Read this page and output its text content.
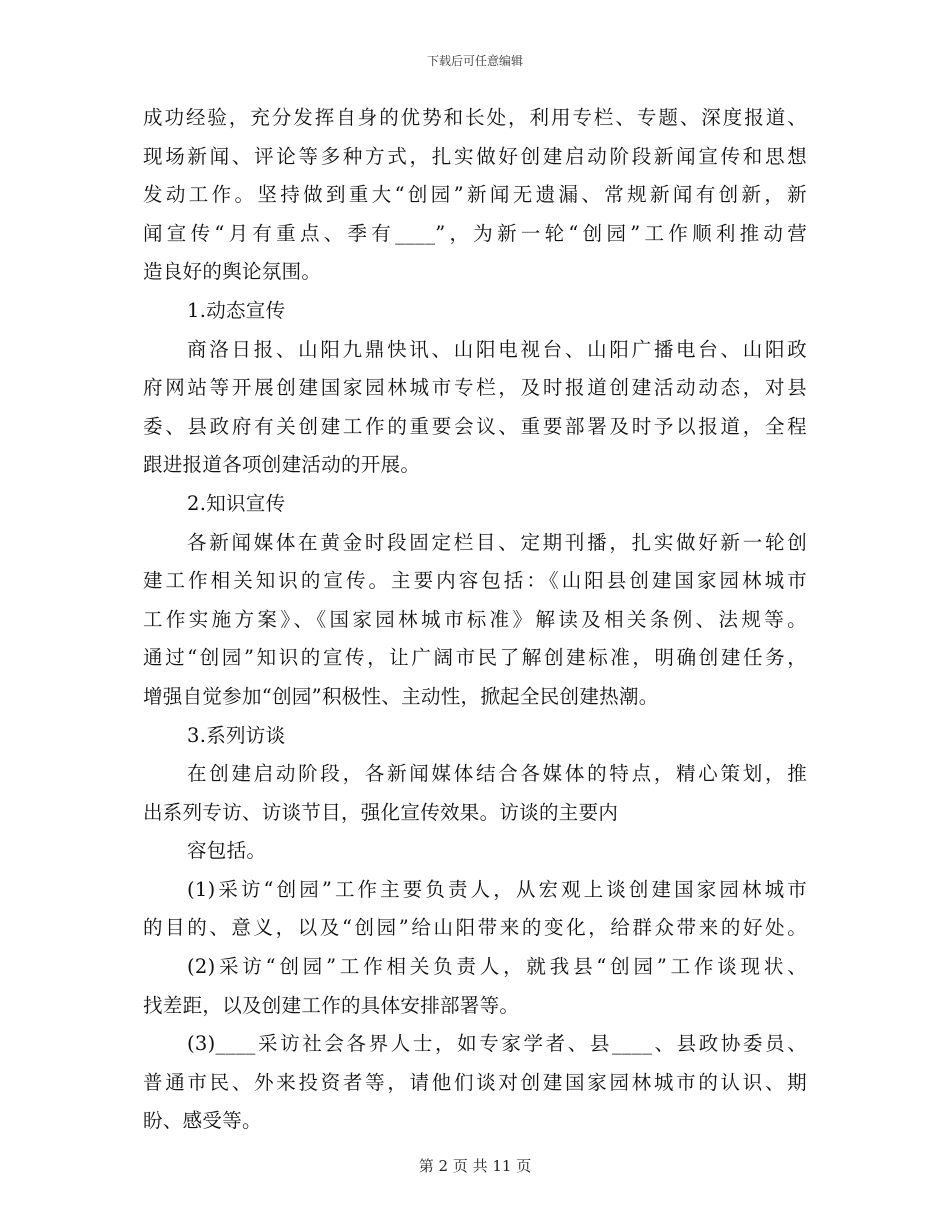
下载后可任意编辑
成功经验，充分发挥自身的优势和长处，利用专栏、专题、深度报道、
现场新闻、评论等多种方式，扎实做好创建启动阶段新闻宣传和思想
发动工作。坚持做到重大“创园”新闻无遗漏、常规新闻有创新，新
闻宣传“月有重点、季有____”，为新一轮“创园”工作顺利推动营
造良好的舆论氛围。
1.动态宣传
商洛日报、山阳九鼎快讯、山阳电视台、山阳广播电台、山阳政
府网站等开展创建国家园林城市专栏，及时报道创建活动动态，对县
委、县政府有关创建工作的重要会议、重要部署及时予以报道，全程
跟进报道各项创建活动的开展。
2.知识宣传
各新闻媒体在黄金时段固定栏目、定期刊播，扎实做好新一轮创
建工作相关知识的宣传。主要内容包括：《山阳县创建国家园林城市
工作实施方案》、《国家园林城市标准》解读及相关条例、法规等。
通过“创园”知识的宣传，让广阔市民了解创建标准，明确创建任务，
增强自觉参加“创园”积极性、主动性，掀起全民创建热潮。
3.系列访谈
在创建启动阶段，各新闻媒体结合各媒体的特点，精心策划，推
出系列专访、访谈节目，强化宣传效果。访谈的主要内
容包括。
(1)采访“创园”工作主要负责人，从宏观上谈创建国家园林城市
的目的、意义，以及“创园”给山阳带来的变化，给群众带来的好处。
(2)采访“创园”工作相关负责人，就我县“创园”工作谈现状、
找差距，以及创建工作的具体安排部署等。
(3)____采访社会各界人士，如专家学者、县____、县政协委员、
普通市民、外来投资者等，请他们谈对创建国家园林城市的认识、期
盼、感受等。
第 2 页 共 11 页
